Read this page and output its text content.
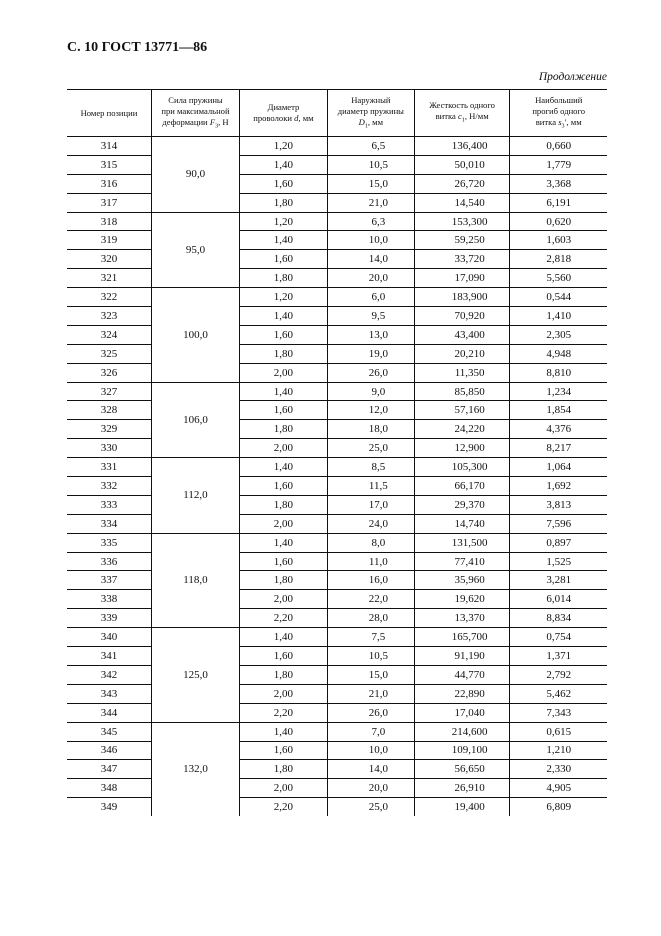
С. 10 ГОСТ 13771—86
Продолжение
Номер позиции	Сила пружины
при максимальной
деформации $F_3$, Н	Диаметр
проволоки d, мм	Наружный
диаметр пружины
$D_1$, мм	Жесткость одного
витка $c_1$, Н/мм	Наибольший
прогиб одного
витка $s_3'$, мм
314	90,0	1,20	6,5	136,400	0,660
315		1,40	10,5	50,010	1,779
316		1,60	15,0	26,720	3,368
317		1,80	21,0	14,540	6,191
318	95,0	1,20	6,3	153,300	0,620
319		1,40	10,0	59,250	1,603
320		1,60	14,0	33,720	2,818
321		1,80	20,0	17,090	5,560
322	100,0	1,20	6,0	183,900	0,544
323		1,40	9,5	70,920	1,410
324		1,60	13,0	43,400	2,305
325		1,80	19,0	20,210	4,948
326		2,00	26,0	11,350	8,810
327	106,0	1,40	9,0	85,850	1,234
328		1,60	12,0	57,160	1,854
329		1,80	18,0	24,220	4,376
330		2,00	25,0	12,900	8,217
331	112,0	1,40	8,5	105,300	1,064
332		1,60	11,5	66,170	1,692
333		1,80	17,0	29,370	3,813
334		2,00	24,0	14,740	7,596
335	118,0	1,40	8,0	131,500	0,897
336		1,60	11,0	77,410	1,525
337		1,80	16,0	35,960	3,281
338		2,00	22,0	19,620	6,014
339		2,20	28,0	13,370	8,834
340	125,0	1,40	7,5	165,700	0,754
341		1,60	10,5	91,190	1,371
342		1,80	15,0	44,770	2,792
343		2,00	21,0	22,890	5,462
344		2,20	26,0	17,040	7,343
345	132,0	1,40	7,0	214,600	0,615
346		1,60	10,0	109,100	1,210
347		1,80	14,0	56,650	2,330
348		2,00	20,0	26,910	4,905
349		2,20	25,0	19,400	6,809
